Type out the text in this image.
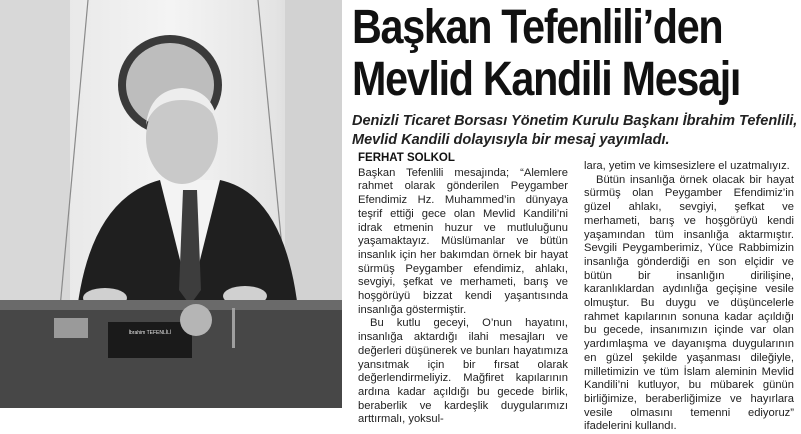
İbrahim TEFENLİLİ
Başkan Tefenlili’den
Mevlid Kandili Mesajı

Denizli Ticaret Borsası Yönetim Kurulu Başkanı İbrahim Tefenlili, Mevlid Kandili dolayısıyla bir mesaj yayımladı.

FERHAT SOLKOL

Başkan Tefenlili mesajında; “Alemlere rahmet olarak gönderilen Peygamber Efendimiz Hz. Muhammed’in dünyaya teşrif ettiği gece olan Mevlid Kandili’ni idrak etmenin huzur ve mutluluğunu yaşamaktayız. Müslümanlar ve bütün insanlık için her bakımdan örnek bir hayat sürmüş Peygamber efendimiz, ahlakı, sevgiyi, şefkat ve merhameti, barış ve hoşgörüyü bizzat kendi yaşantısında insanlığa göstermiştir.

Bu kutlu geceyi, O’nun hayatını, insanlığa aktardığı ilahi mesajları ve değerleri düşünerek ve bunları hayatımıza yansıtmak için bir fırsat olarak değerlendirmeliyiz. Mağfiret kapılarının ardına kadar açıldığı bu gecede birlik, beraberlik ve kardeşlik duygularımızı arttırmalı, yoksul-

lara, yetim ve kimsesizlere el uzatmalıyız.

Bütün insanlığa örnek olacak bir hayat sürmüş olan Peygamber Efendimiz’in güzel ahlakı, sevgiyi, şefkat ve merhameti, barış ve hoşgörüyü kendi yaşamından tüm insanlığa aktarmıştır. Sevgili Peygamberimiz, Yüce Rabbimizin insanlığa gönderdiği en son elçidir ve bütün bir insanlığın dirilişine, karanlıklardan aydınlığa geçişine vesile olmuştur. Bu duygu ve düşüncelerle rahmet kapılarının sonuna kadar açıldığı bu gecede, insanımızın içinde var olan yardımlaşma ve dayanışma duygularının en güzel şekilde yaşanması dileğiyle, milletimizin ve tüm İslam aleminin Mevlid Kandili’ni kutluyor, bu mübarek günün birliğimize, beraberliğimize ve hayırlara vesile olmasını temenni ediyoruz” ifadelerini kullandı.
